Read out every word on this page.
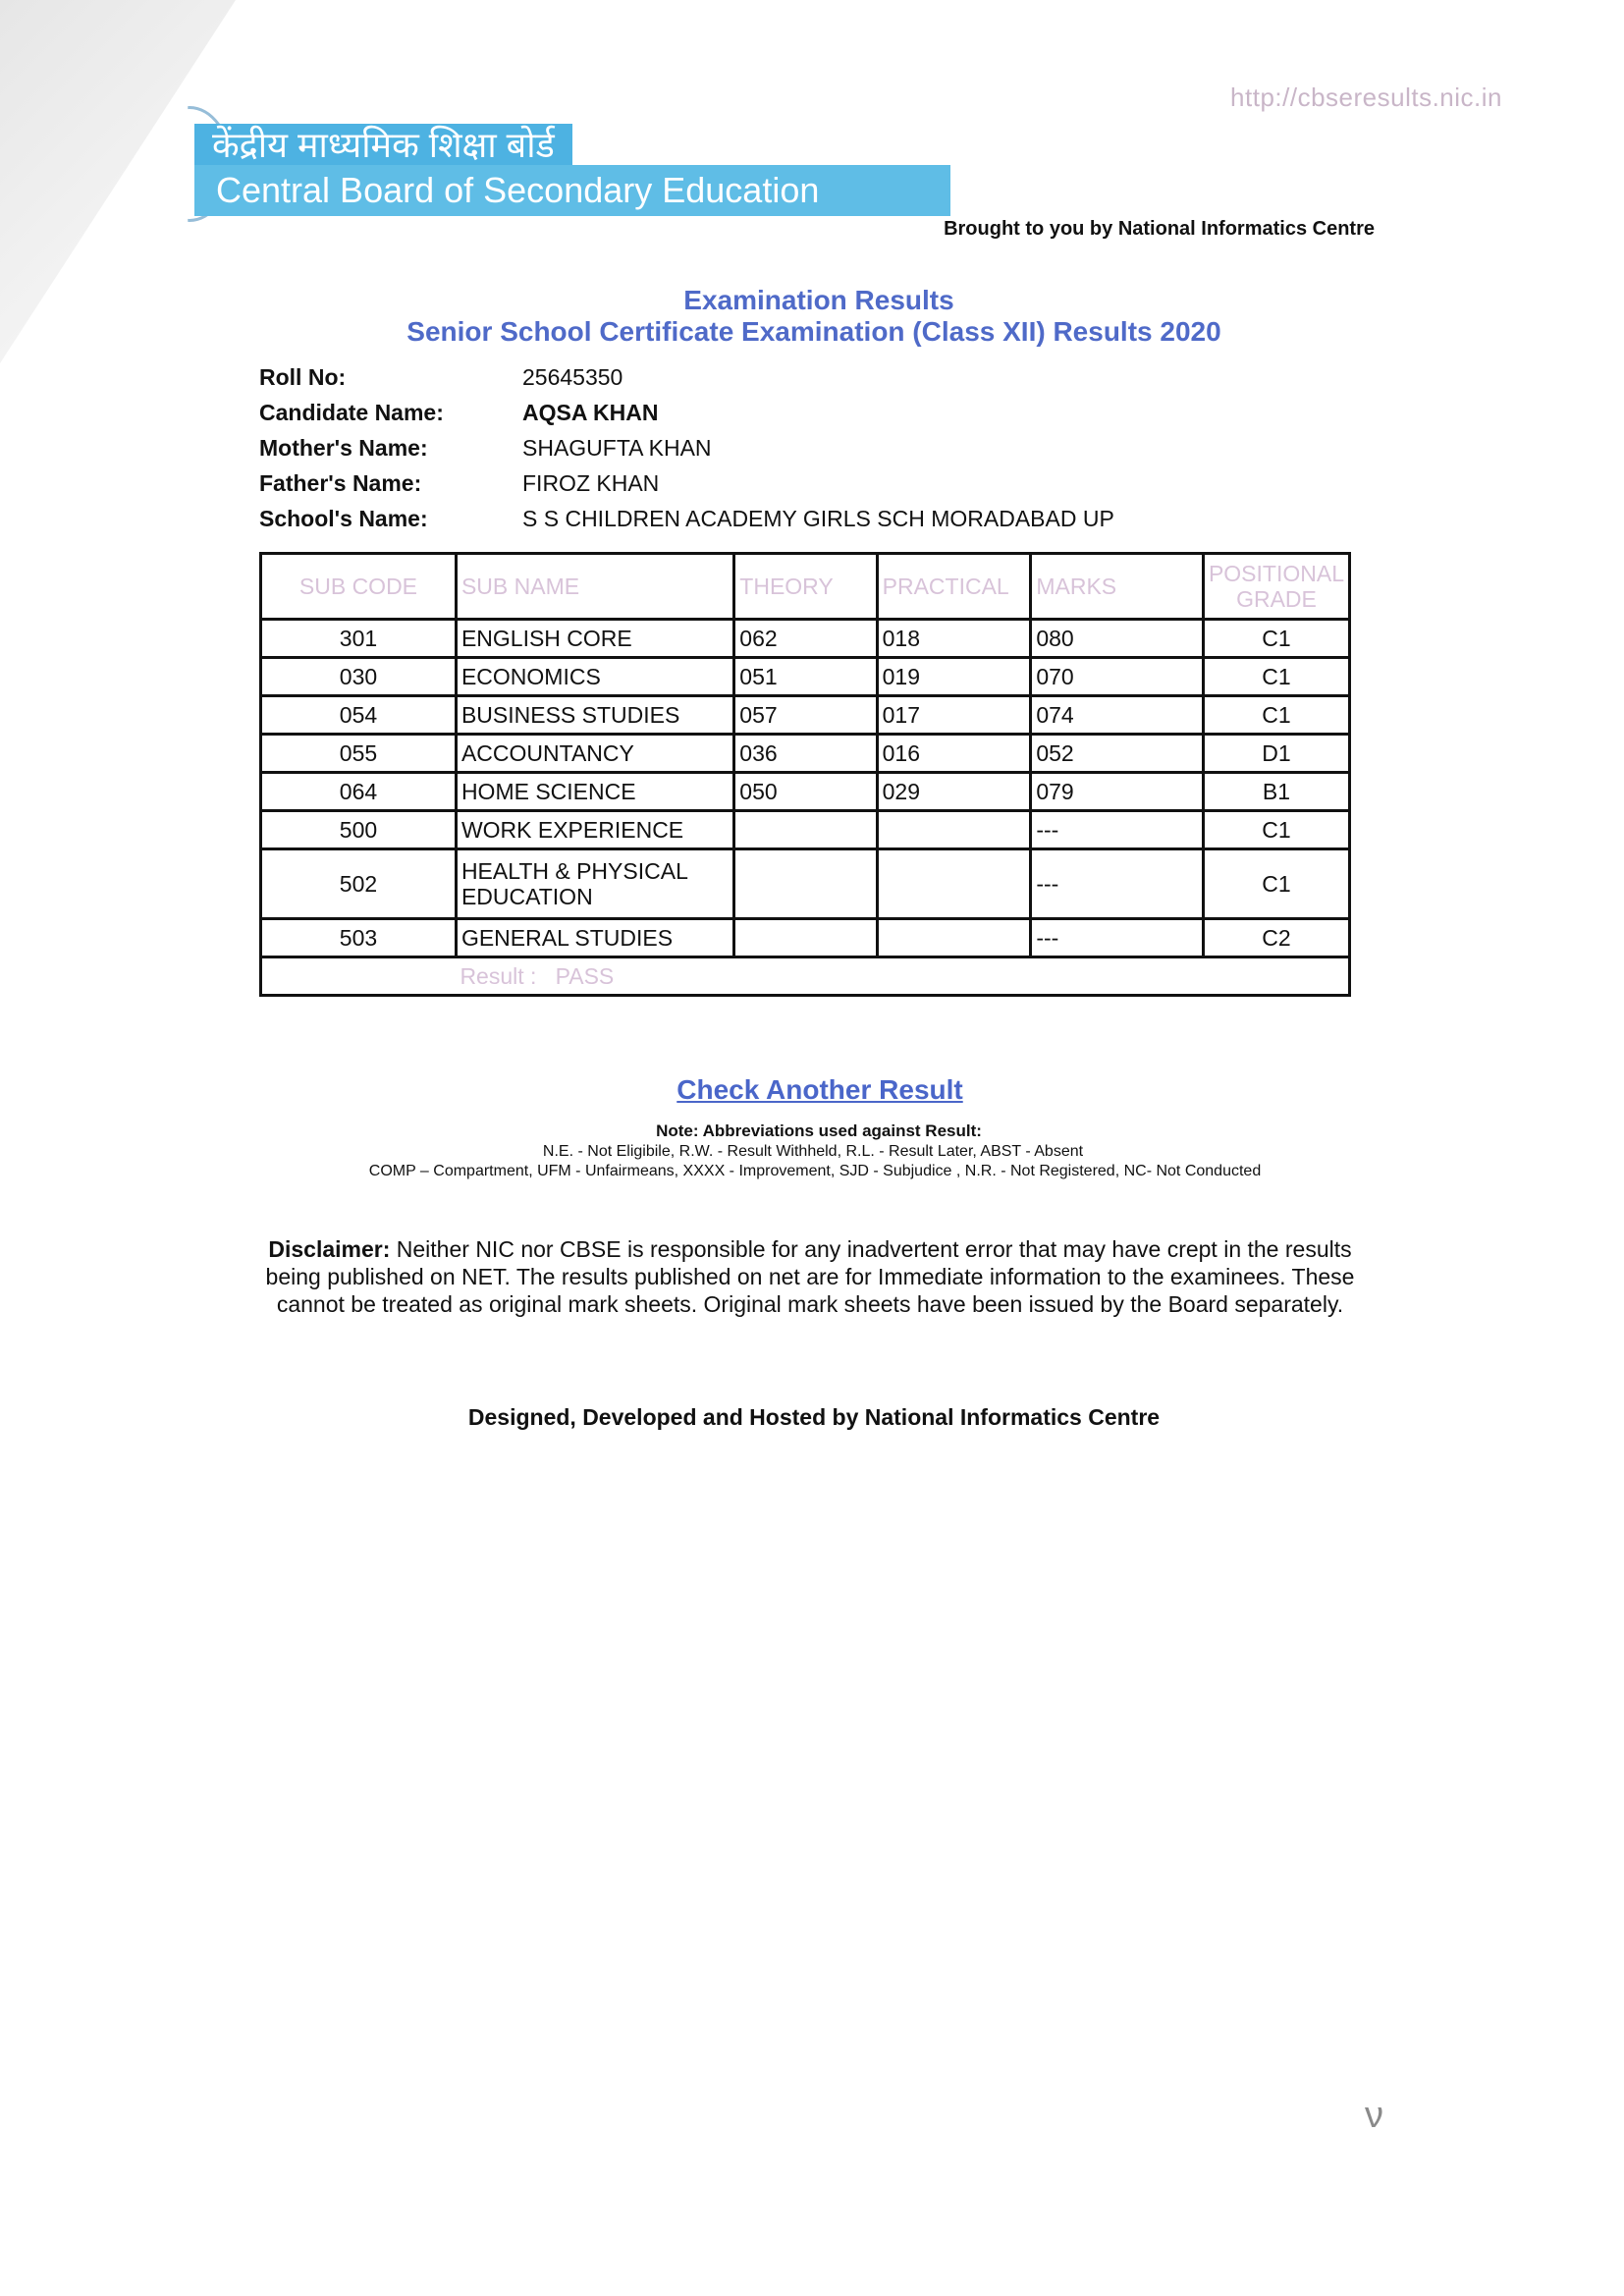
http://cbseresults.nic.in
केंद्रीय माध्यमिक शिक्षा बोर्ड
Central Board of Secondary Education
Brought to you by National Informatics Centre
Examination Results
Senior School Certificate Examination (Class XII) Results 2020
Roll No:	25645350
Candidate Name:	AQSA KHAN
Mother's Name:	SHAGUFTA KHAN
Father's Name:	FIROZ KHAN
School's Name:	S S CHILDREN ACADEMY GIRLS SCH MORADABAD UP
SUB CODE	SUB NAME	THEORY	PRACTICAL	MARKS	POSITIONAL
GRADE
301	ENGLISH CORE	062	018	080	C1
030	ECONOMICS	051	019	070	C1
054	BUSINESS STUDIES	057	017	074	C1
055	ACCOUNTANCY	036	016	052	D1
064	HOME SCIENCE	050	029	079	B1
500	WORK EXPERIENCE			---	C1
502	HEALTH & PHYSICAL
EDUCATION			---	C1
503	GENERAL STUDIES			---	C2
	Result : PASS				
Check Another Result
Note: Abbreviations used against Result:
N.E. - Not Eligibile, R.W. - Result Withheld, R.L. - Result Later, ABST - Absent
COMP – Compartment, UFM - Unfairmeans, XXXX - Improvement, SJD - Subjudice , N.R. - Not Registered, NC- Not Conducted
Disclaimer: Neither NIC nor CBSE is responsible for any inadvertent error that may have crept in the results being published on NET. The results published on net are for Immediate information to the examinees. These cannot be treated as original mark sheets. Original mark sheets have been issued by the Board separately.
Designed, Developed and Hosted by National Informatics Centre
ν
